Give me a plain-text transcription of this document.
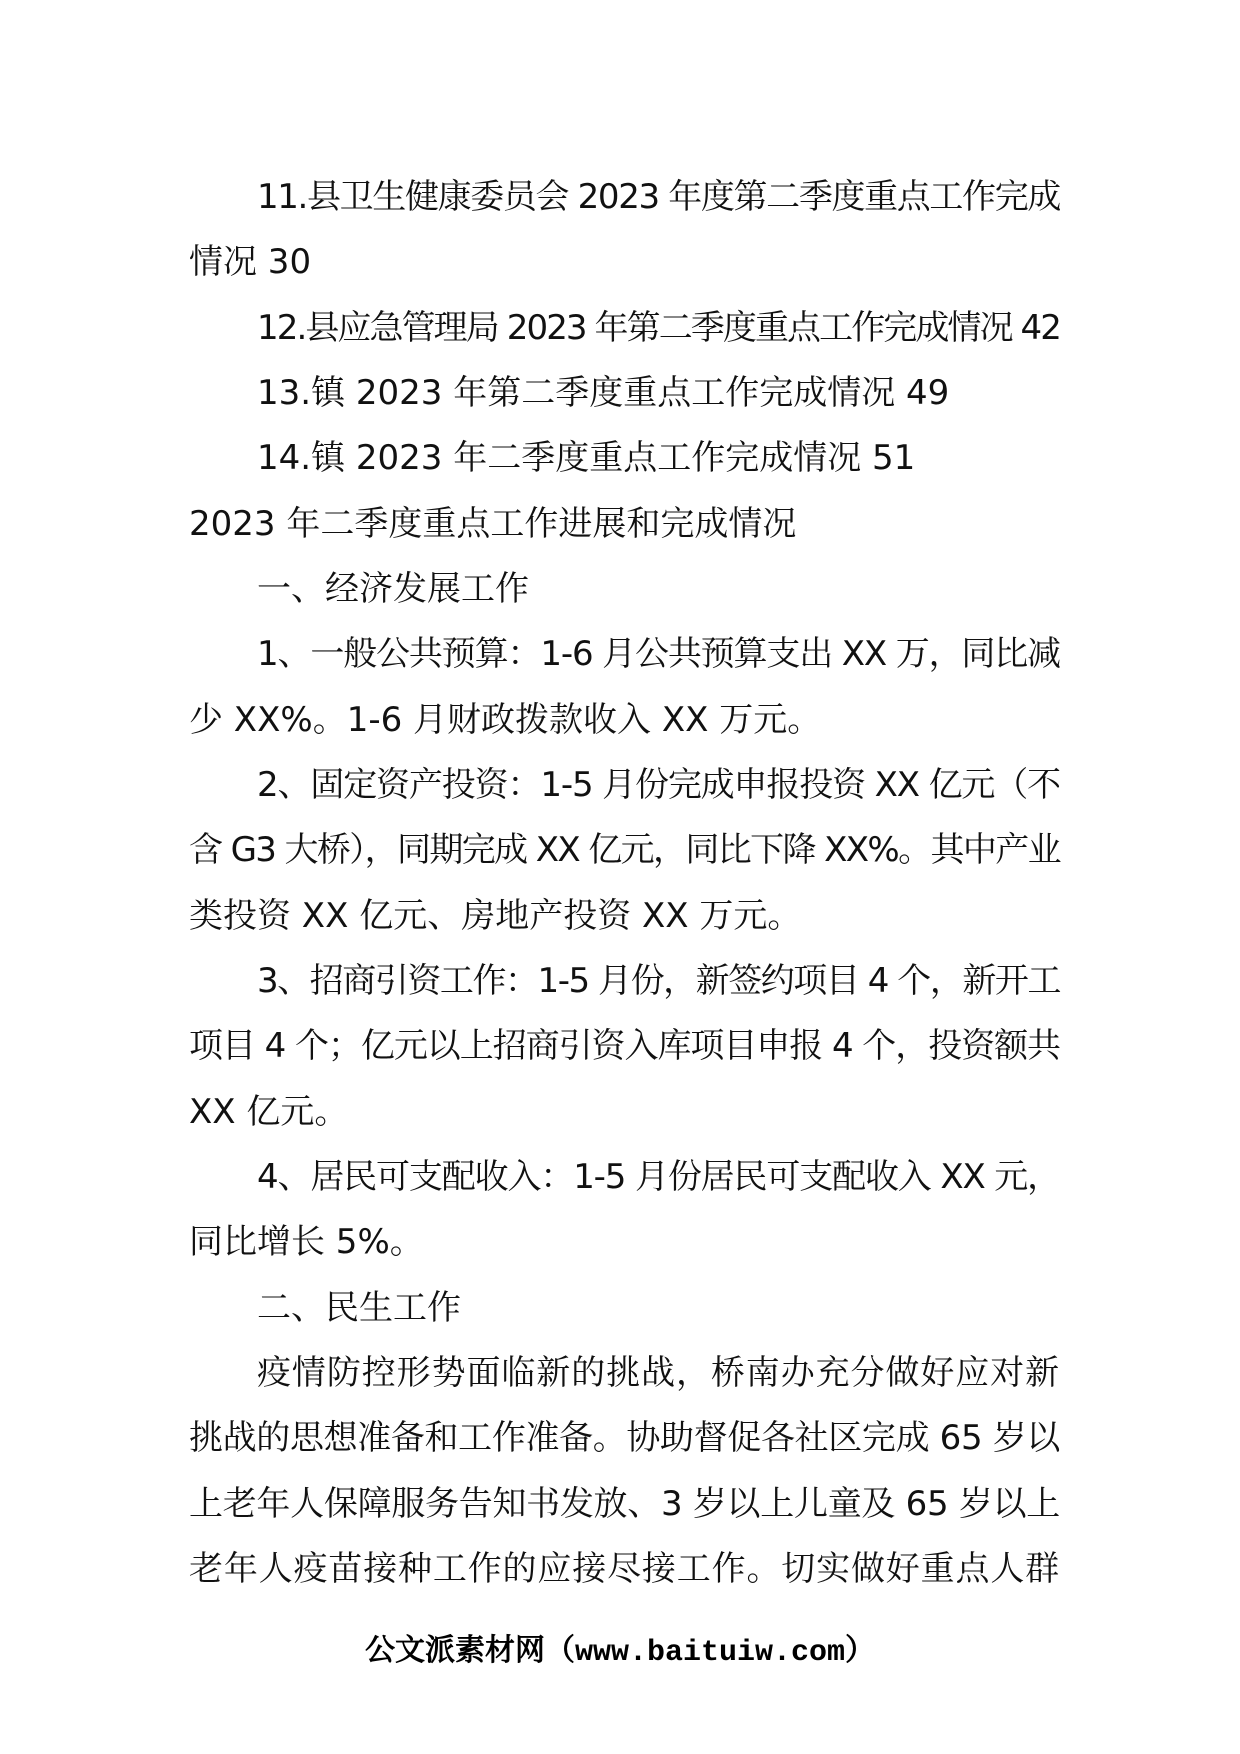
11.县卫生健康委员会 2023 年度第二季度重点工作完成
情况 30
12.县应急管理局 2023 年第二季度重点工作完成情况 42
13.镇 2023 年第二季度重点工作完成情况 49
14.镇 2023 年二季度重点工作完成情况 51
2023 年二季度重点工作进展和完成情况
一、经济发展工作
1、一般公共预算：1-6 月公共预算支出 XX 万，同比减
少 XX%。1-6 月财政拨款收入 XX 万元。
2、固定资产投资：1-5 月份完成申报投资 XX 亿元（不
含 G3 大桥），同期完成 XX 亿元，同比下降 XX%。其中产业
类投资 XX 亿元、房地产投资 XX 万元。
3、招商引资工作：1-5 月份，新签约项目 4 个，新开工
项目 4 个；亿元以上招商引资入库项目申报 4 个，投资额共
XX 亿元。
4、居民可支配收入：1-5 月份居民可支配收入 XX 元，
同比增长 5%。
二、民生工作
疫情防控形势面临新的挑战，桥南办充分做好应对新
挑战的思想准备和工作准备。协助督促各社区完成 65 岁以
上老年人保障服务告知书发放、3 岁以上儿童及 65 岁以上
老年人疫苗接种工作的应接尽接工作。切实做好重点人群
公文派素材网（www.baituiw.com）
